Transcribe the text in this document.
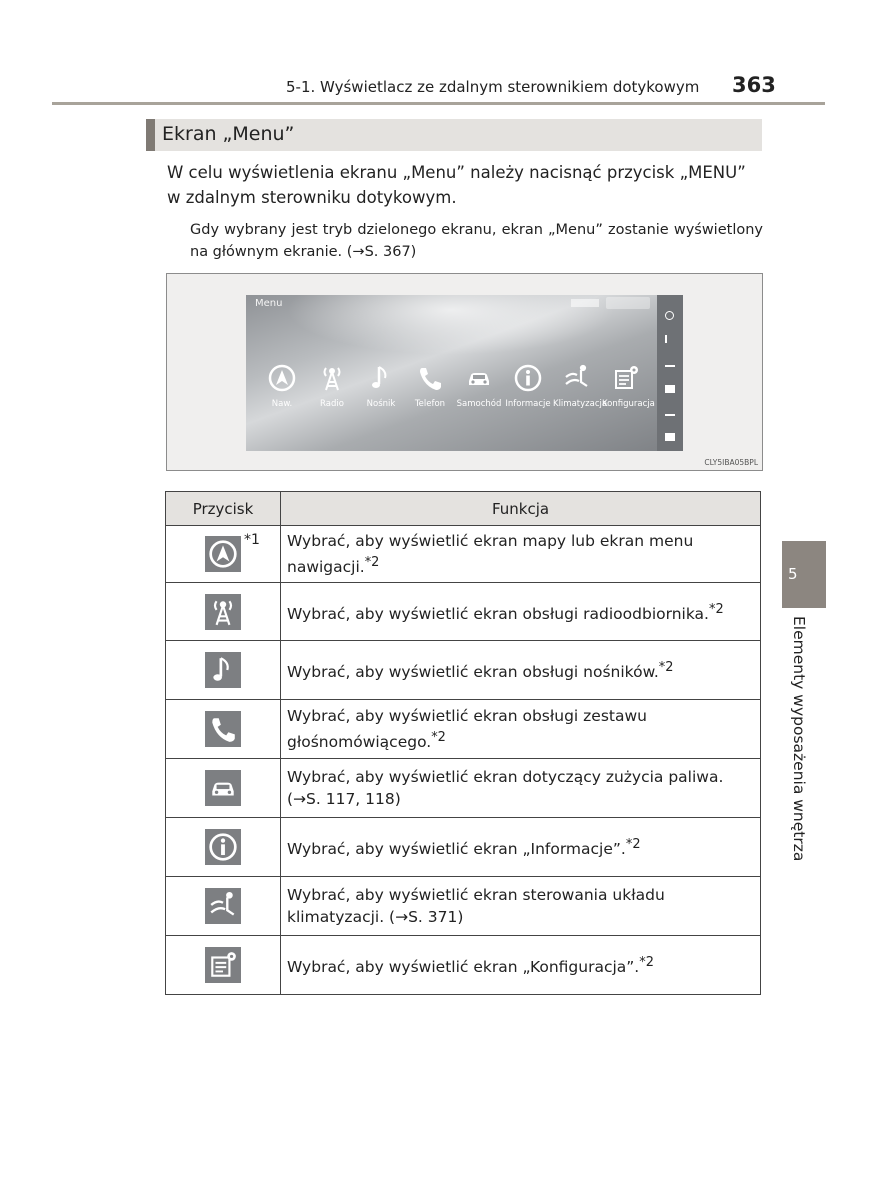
5-1. Wyświetlacz ze zdalnym sterownikiem dotykowym 363
Ekran „Menu”
W celu wyświetlenia ekranu „Menu” należy nacisnąć przycisk „MENU” w zdalnym sterowniku dotykowym.
Gdy wybrany jest tryb dzielonego ekranu, ekran „Menu” zostanie wyświetlony na głównym ekranie. (→S. 367)
Menu
Naw.	Radio	Nośnik	Telefon	Samochód Informacje Klimatyzacja
Konfiguracja
CLY5IBA05BPL
Przycisk	Funkcja

*1	Wybrać, aby wyświetlić ekran mapy lub ekran menu nawigacji.$^{*2}$

	Wybrać, aby wyświetlić ekran obsługi radioodbiornika.$^{*2}$

	Wybrać, aby wyświetlić ekran obsługi nośników.$^{*2}$

	Wybrać, aby wyświetlić ekran obsługi zestawu głośnomówiącego.$^{*2}$

	Wybrać, aby wyświetlić ekran dotyczący zużycia paliwa. (→S. 117, 118)

	Wybrać, aby wyświetlić ekran „Informacje”.$^{*2}$

	Wybrać, aby wyświetlić ekran sterowania układu klimatyzacji. (→S. 371)

	Wybrać, aby wyświetlić ekran „Konfiguracja”.$^{*2}$
5
Elementy wyposażenia wnętrza
